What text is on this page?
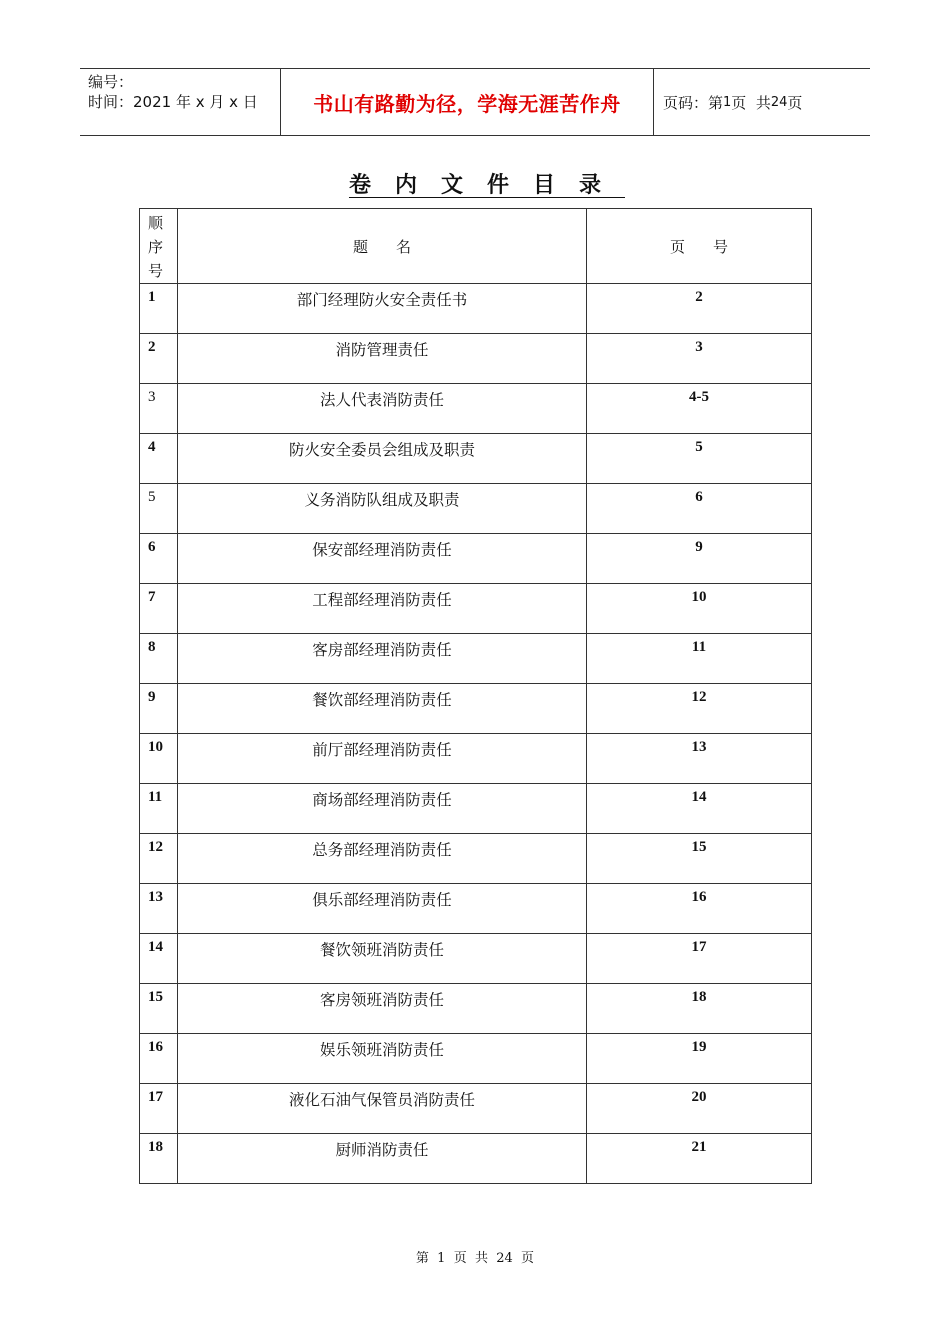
编号：
时间：2021 年 x 月 x 日	书山有路勤为径，学海无涯苦作舟	页码：第 1 页  共 24 页
卷内文件目录
顺序号	题名	页号
1	部门经理防火安全责任书	2
2	消防管理责任	3
3	法人代表消防责任	4-5
4	防火安全委员会组成及职责	5
5	义务消防队组成及职责	6
6	保安部经理消防责任	9
7	工程部经理消防责任	10
8	客房部经理消防责任	11
9	餐饮部经理消防责任	12
10	前厅部经理消防责任	13
11	商场部经理消防责任	14
12	总务部经理消防责任	15
13	俱乐部经理消防责任	16
14	餐饮领班消防责任	17
15	客房领班消防责任	18
16	娱乐领班消防责任	19
17	液化石油气保管员消防责任	20
18	厨师消防责任	21
第  1  页  共  24  页
